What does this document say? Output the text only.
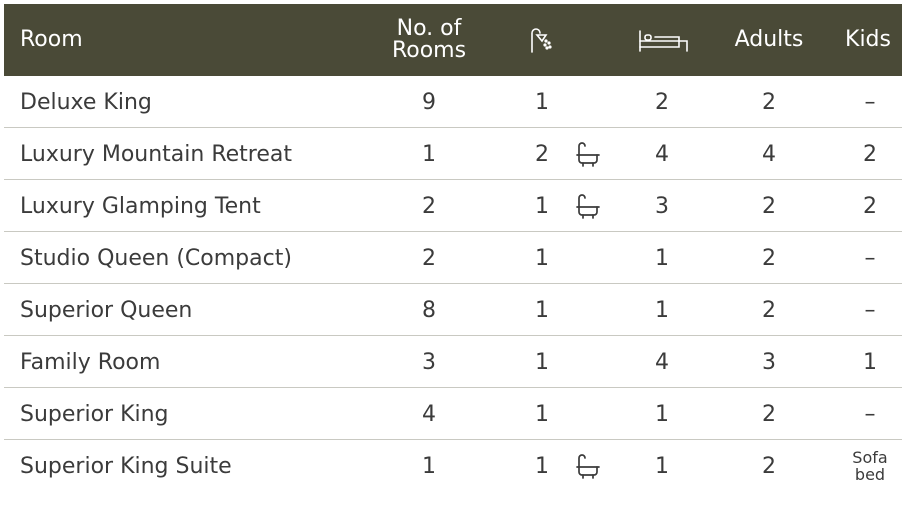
Room	No. of
Rooms	Adults	Kids
Deluxe King	9	1	2	2	–
Luxury Mountain Retreat	1	2	4	4	2
Luxury Glamping Tent	2	1	3	2	2
Studio Queen (Compact)	2	1	1	2	–
Superior Queen	8	1	1	2	–
Family Room	3	1	4	3	1
Superior King	4	1	1	2	–
Superior King Suite	1	1	1	2	Sofa
bed
